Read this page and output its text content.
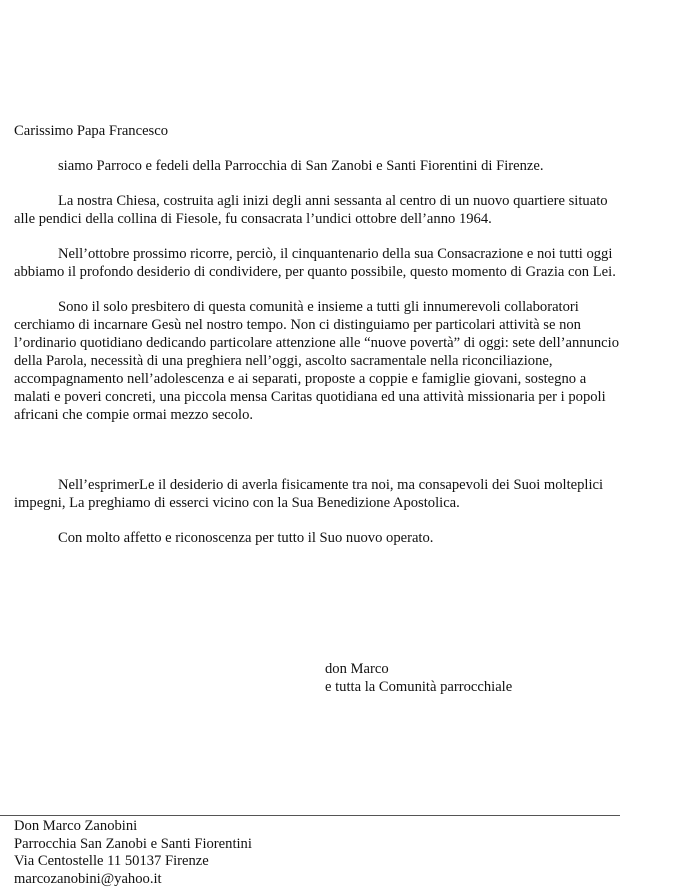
Carissimo Papa Francesco

siamo Parroco e fedeli della Parrocchia di San Zanobi e Santi Fiorentini di Firenze.

La nostra Chiesa, costruita agli inizi degli anni sessanta al centro di un nuovo quartiere situato alle pendici della collina di Fiesole, fu consacrata l’undici ottobre dell’anno 1964.

Nell’ottobre prossimo ricorre, perciò, il cinquantenario della sua Consacrazione e noi tutti oggi abbiamo il profondo desiderio di condividere, per quanto possibile, questo momento di Grazia con Lei.

Sono il solo presbitero di questa comunità e insieme a tutti gli innumerevoli collaboratori cerchiamo di incarnare Gesù nel nostro tempo. Non ci distinguiamo per particolari attività se non l’ordinario quotidiano dedicando particolare attenzione alle “nuove povertà” di oggi: sete dell’annuncio della Parola, necessità di una preghiera nell’oggi, ascolto sacramentale nella riconciliazione, accompagnamento nell’adolescenza e ai separati, proposte a coppie e famiglie giovani, sostegno a malati e poveri concreti, una piccola mensa Caritas quotidiana ed una attività missionaria per i popoli africani che compie ormai mezzo secolo.

Nell’esprimerLe il desiderio di averla fisicamente tra noi, ma consapevoli dei Suoi molteplici impegni, La preghiamo di esserci vicino con la Sua Benedizione Apostolica.

Con molto affetto e riconoscenza per tutto il Suo nuovo operato.

don Marco
e tutta la Comunità parrocchiale
Don Marco Zanobini
Parrocchia San Zanobi e Santi Fiorentini
Via Centostelle 11 50137 Firenze
marcozanobini@yahoo.it
